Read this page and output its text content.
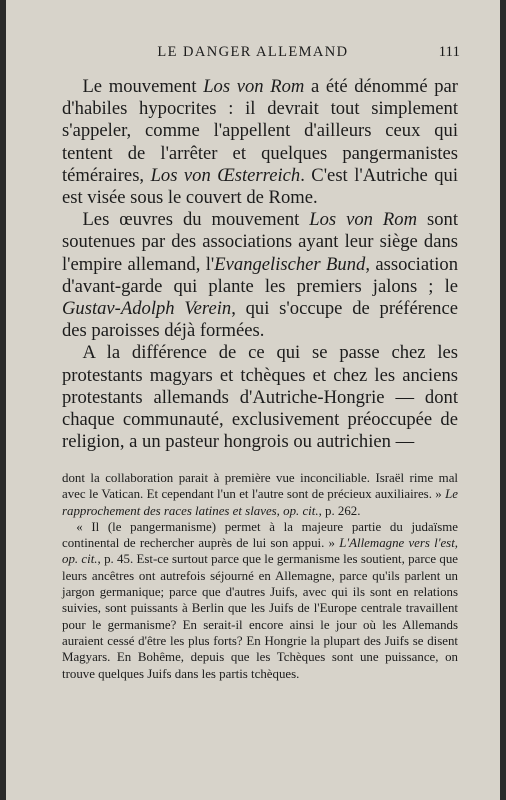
LE DANGER ALLEMAND	111

Le mouvement Los von Rom a été dénommé par d'habiles hypocrites : il devrait tout simplement s'appeler, comme l'appellent d'ailleurs ceux qui tentent de l'arrêter et quelques pangermanistes téméraires, Los von Œsterreich. C'est l'Autriche qui est visée sous le couvert de Rome.

Les œuvres du mouvement Los von Rom sont soutenues par des associations ayant leur siège dans l'empire allemand, l'Evangelischer Bund, association d'avant-garde qui plante les premiers jalons ; le Gustav-Adolph Verein, qui s'occupe de préférence des paroisses déjà formées.

A la différence de ce qui se passe chez les protestants magyars et tchèques et chez les anciens protestants allemands d'Autriche-Hongrie — dont chaque communauté, exclusivement préoccupée de religion, a un pasteur hongrois ou autrichien —

dont la collaboration parait à première vue inconciliable. Israël rime mal avec le Vatican. Et cependant l'un et l'autre sont de précieux auxiliaires. » Le rapprochement des races latines et slaves, op. cit., p. 262.

« Il (le pangermanisme) permet à la majeure partie du judaïsme continental de rechercher auprès de lui son appui. » L'Allemagne vers l'est, op. cit., p. 45. Est-ce surtout parce que le germanisme les soutient, parce que leurs ancêtres ont autrefois séjourné en Allemagne, parce qu'ils parlent un jargon germanique; parce que d'autres Juifs, avec qui ils sont en relations suivies, sont puissants à Berlin que les Juifs de l'Europe centrale travaillent pour le germanisme? En serait-il encore ainsi le jour où les Allemands auraient cessé d'être les plus forts? En Hongrie la plupart des Juifs se disent Magyars. En Bohême, depuis que les Tchèques sont une puissance, on trouve quelques Juifs dans les partis tchèques.
